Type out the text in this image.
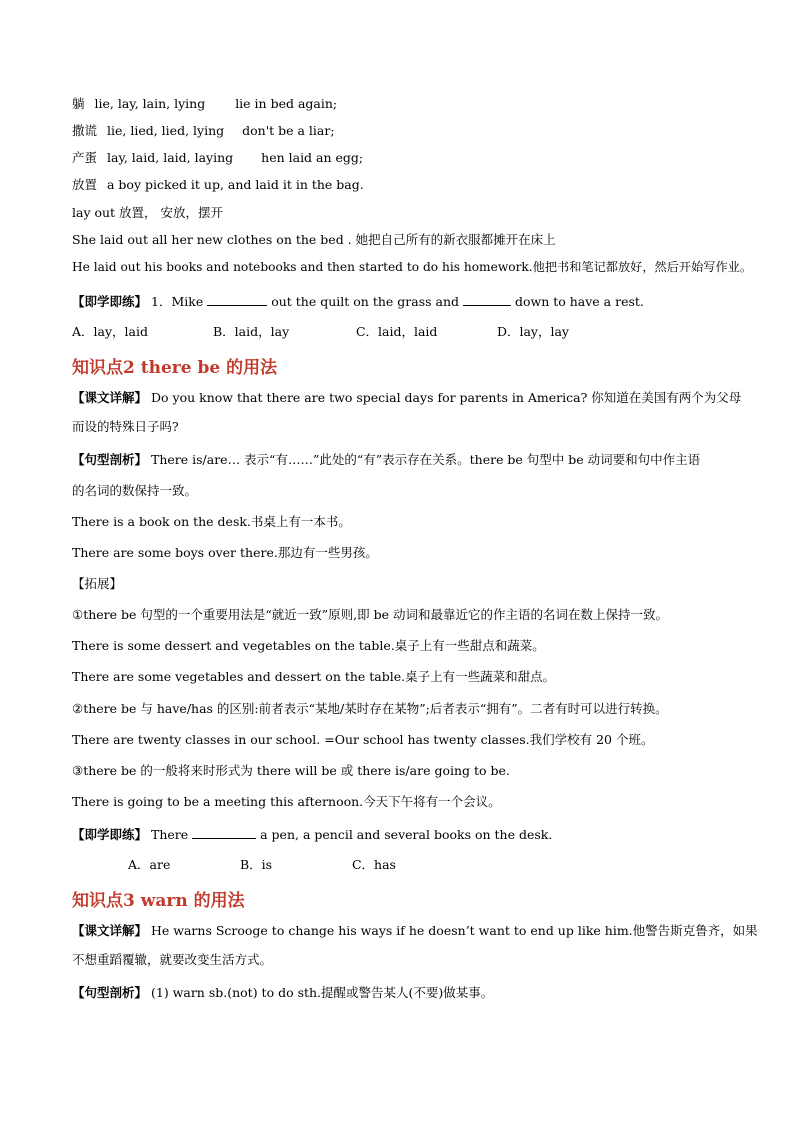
躺 lie, lay, lain, lying lie in bed again;
撒谎 lie, lied, lied, lying don't be a liar;
产蛋 lay, laid, laid, laying hen laid an egg;
放置 a boy picked it up, and laid it in the bag.
lay out 放置， 安放，摆开
She laid out all her new clothes on the bed . 她把自己所有的新衣服都摊开在床上
He laid out his books and notebooks and then started to do his homework.他把书和笔记都放好，然后开始写作业。
【即学即练】 1．Mike	out the quilt on the grass and	down to have a rest.
A．lay，laid	B．laid，lay	C．laid，laid	D．lay，lay
知识点2 there be 的用法
【课文详解】 Do you know that there are two special days for parents in America? 你知道在美国有两个为父母
而设的特殊日子吗?
【句型剖析】 There is/are… 表示“有……”此处的“有”表示存在关系。there be 句型中 be 动词要和句中作主语
的名词的数保持一致。
There is a book on the desk.书桌上有一本书。
There are some boys over there.那边有一些男孩。
【拓展】
①there be 句型的一个重要用法是“就近一致”原则,即 be 动词和最靠近它的作主语的名词在数上保持一致。
There is some dessert and vegetables on the table.桌子上有一些甜点和蔬菜。
There are some vegetables and dessert on the table.桌子上有一些蔬菜和甜点。
②there be 与 have/has 的区别:前者表示“某地/某时存在某物”;后者表示“拥有”。二者有时可以进行转换。
There are twenty classes in our school. =Our school has twenty classes.我们学校有 20 个班。
③there be 的一般将来时形式为 there will be 或 there is/are going to be.
There is going to be a meeting this afternoon.今天下午将有一个会议。
【即学即练】 There	a pen, a pencil and several books on the desk.
A．are	B．is	C．has
知识点3 warn 的用法
【课文详解】 He warns Scrooge to change his ways if he doesn’t want to end up like him.他警告斯克鲁齐，如果
不想重蹈覆辙，就要改变生活方式。
【句型剖析】 (1) warn sb.(not) to do sth.提醒或警告某人(不要)做某事。
